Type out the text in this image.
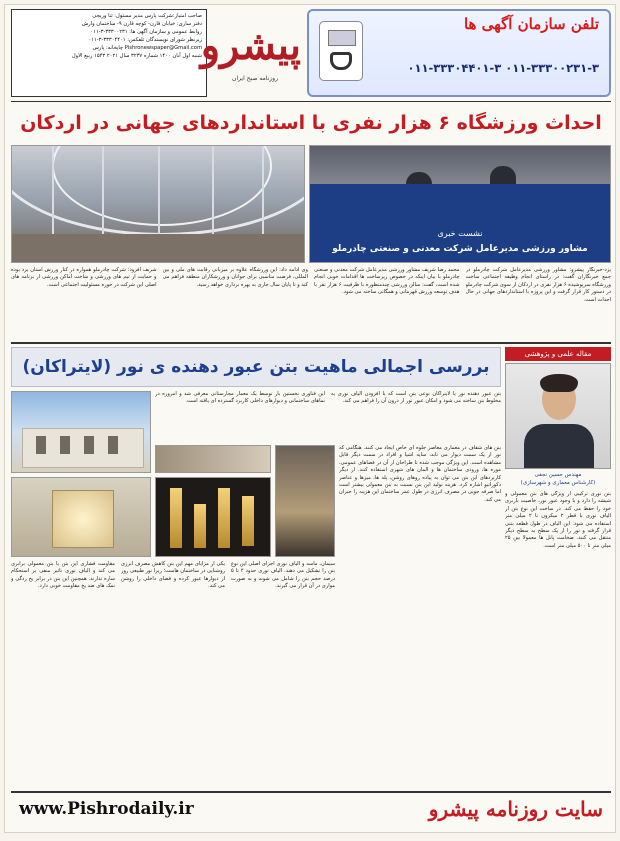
صاحب امتیاز:شرکت پارس مدیر مسئول: ثنا وریجی
دفتر ساری: خیابان قارن- کوچه قارن ۹- ساختمان وارش
روابط عمومی و سازمان آگهی ها: ۳۳۳۰۰۲۳۱-۳-۰۱۱
زیرنظر شورای نویسندگان تلفکس: ۳۳۳۰۴۴۰۱-۳-۰۱۱
Pishronewspaper@Gmail.com چاپخانه: پارس
شنبه اول آبان ۱۴۰۰ شماره ۳۲۳۷ سال ۲۰۲۱ ۱۵۴۳ ربیع الاول
پیشرو
روزنامه صبح ایران
تلفن سازمان آگهی ها
۰۱۱-۳۳۳۰۴۴۰۱-۳ ۰۱۱-۳۳۳۰۰۲۳۱-۳
احداث ورزشگاه ۶ هزار نفری با استانداردهای جهانی در اردکان
نشست خبری
مشاور ورزشی مدیرعامل شرکت معدنی و صنعتی چادرملو
یزد-خبرنگار پیشرو: مشاور ورزشی مدیرعامل شرکت چادرملو در جمع خبرنگاران گفت: در راستای انجام وظیفه اجتماعی ساخت ورزشگاه سرپوشیده ۶ هزار نفری در اردکان از سوی شرکت چادرملو در دستور کار قرار گرفت و این پروژه با استانداردهای جهانی در حال احداث است.
محمد رضا شریف مشاور ورزشی مدیرعامل شرکت معدنی و صنعتی چادرملو با بیان اینکه در خصوص زیرساخت ها اقدامات خوبی انجام شده است، گفت: سالن ورزشی چندمنظوره با ظرفیت ۶ هزار نفر با هدف توسعه ورزش قهرمانی و همگانی ساخته می شود.
وی ادامه داد: این ورزشگاه علاوه بر میزبانی رقابت های ملی و بین المللی، فرصت مناسبی برای جوانان و ورزشکاران منطقه فراهم می کند و تا پایان سال جاری به بهره برداری خواهد رسید.
شریف افزود: شرکت چادرملو همواره در کنار ورزش استان یزد بوده و حمایت از تیم های ورزشی و ساخت اماکن ورزشی از برنامه های اصلی این شرکت در حوزه مسئولیت اجتماعی است.
بررسی اجمالی ماهیت بتن عبور دهنده ی نور (لایتراکان)
مقاله علمی و پژوهشی
مهندس حسین نجفی
(کارشناس معماری و شهرسازی)
بتن عبور دهنده نور یا لایتراکان نوعی بتن است که با افزودن الیاف نوری به مخلوط بتن ساخته می شود و امکان عبور نور از درون آن را فراهم می کند.
این فناوری نخستین بار توسط یک معمار مجارستانی معرفی شد و امروزه در نماهای ساختمانی و دیوارهای داخلی کاربرد گسترده ای یافته است.
سیمان، ماسه و الیاف نوری اجزای اصلی این نوع بتن را تشکیل می دهند. الیاف نوری حدود ۴ تا ۵ درصد حجم بتن را شامل می شوند و به صورت موازی در آن قرار می گیرند.
یکی از مزایای مهم این بتن کاهش مصرف انرژی روشنایی در ساختمان هاست؛ زیرا نور طبیعی روز از دیوارها عبور کرده و فضای داخلی را روشن می کند.
مقاومت فشاری این بتن با بتن معمولی برابری می کند و الیاف نوری تاثیر منفی بر استحکام سازه ندارند. همچنین این بتن در برابر یخ زدگی و نمک های ضد یخ مقاومت خوبی دارد.
بتن های شفاف در معماری معاصر جلوه ای خاص ایجاد می کنند. هنگامی که نور از یک سمت دیوار می تابد، سایه اشیا و افراد در سمت دیگر قابل مشاهده است. این ویژگی موجب شده تا طراحان از آن در فضاهای عمومی، موزه ها، ورودی ساختمان ها و المان های شهری استفاده کنند. از دیگر کاربردهای این بتن می توان به پیاده روهای روشن، پله ها، میزها و عناصر دکوراتیو اشاره کرد. هزینه تولید این بتن نسبت به بتن معمولی بیشتر است اما صرفه جویی در مصرف انرژی در طول عمر ساختمان این هزینه را جبران می کند.
بتن نوری ترکیبی از ویژگی های بتن معمولی و شیشه را دارد و با وجود عبور نور، خاصیت باربری خود را حفظ می کند. در ساخت این نوع بتن از الیاف نوری با قطر ۲ میکرون تا ۲ میلی متر استفاده می شود. این الیاف در طول قطعه بتنی قرار گرفته و نور را از یک سطح به سطح دیگر منتقل می کنند. ضخامت پانل ها معمولا بین ۲۵ میلی متر تا ۵۰۰ میلی متر است.
www.Pishrodaily.ir	سایت روزنامه پیشرو
